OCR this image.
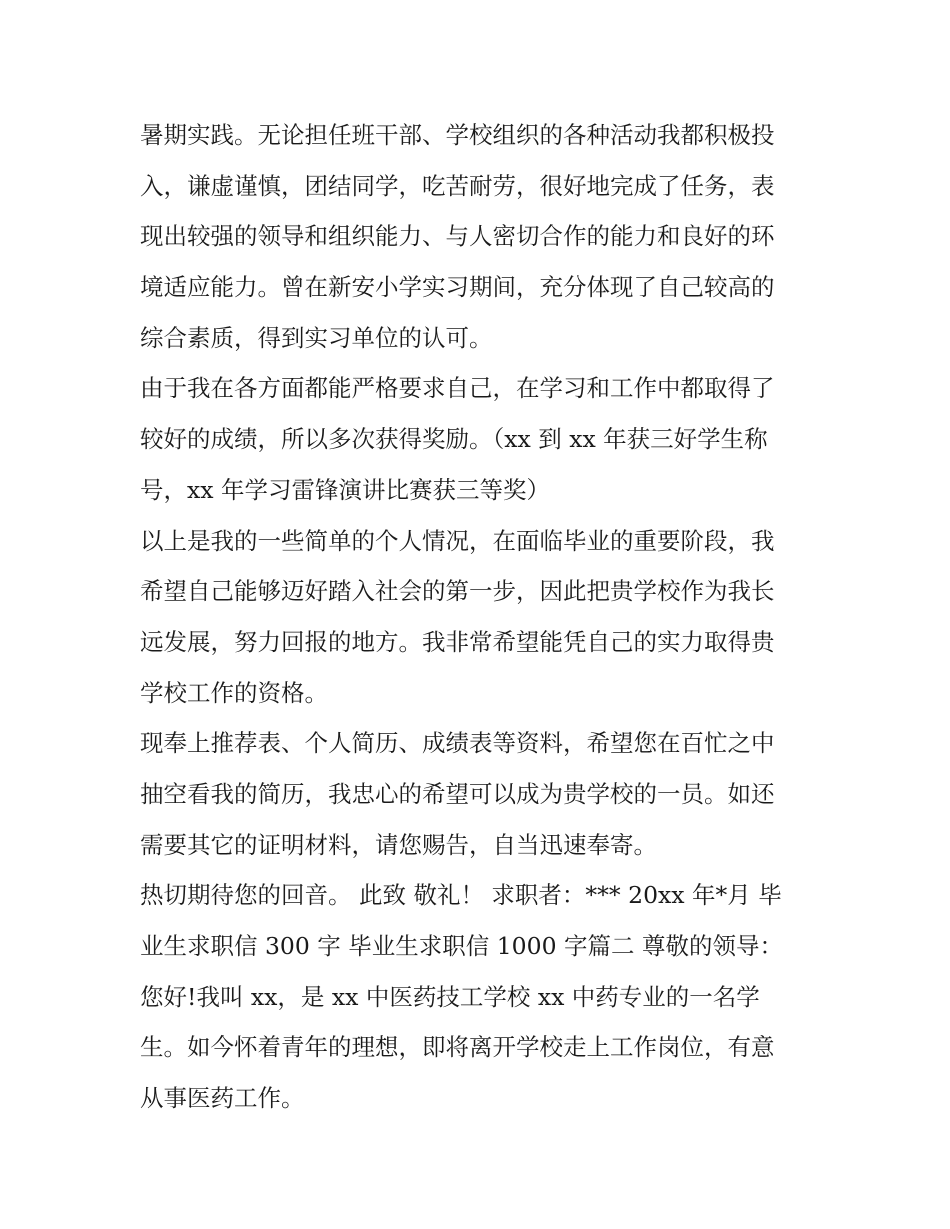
暑期实践。无论担任班干部、学校组织的各种活动我都积极投

入，谦虚谨慎，团结同学，吃苦耐劳，很好地完成了任务，表

现出较强的领导和组织能力、与人密切合作的能力和良好的环

境适应能力。曾在新安小学实习期间，充分体现了自己较高的

综合素质，得到实习单位的认可。

由于我在各方面都能严格要求自己，在学习和工作中都取得了

较好的成绩，所以多次获得奖励。（xx 到 xx 年获三好学生称

号，xx 年学习雷锋演讲比赛获三等奖）

以上是我的一些简单的个人情况，在面临毕业的重要阶段，我

希望自己能够迈好踏入社会的第一步，因此把贵学校作为我长

远发展，努力回报的地方。我非常希望能凭自己的实力取得贵

学校工作的资格。

现奉上推荐表、个人简历、成绩表等资料，希望您在百忙之中

抽空看我的简历，我忠心的希望可以成为贵学校的一员。如还

需要其它的证明材料，请您赐告，自当迅速奉寄。

热切期待您的回音。 此致 敬礼！ 求职者：*** 20xx 年*月 毕

业生求职信 300 字 毕业生求职信 1000 字篇二 尊敬的领导：

您好!我叫 xx，是 xx 中医药技工学校 xx 中药专业的一名学

生。如今怀着青年的理想，即将离开学校走上工作岗位，有意

从事医药工作。
